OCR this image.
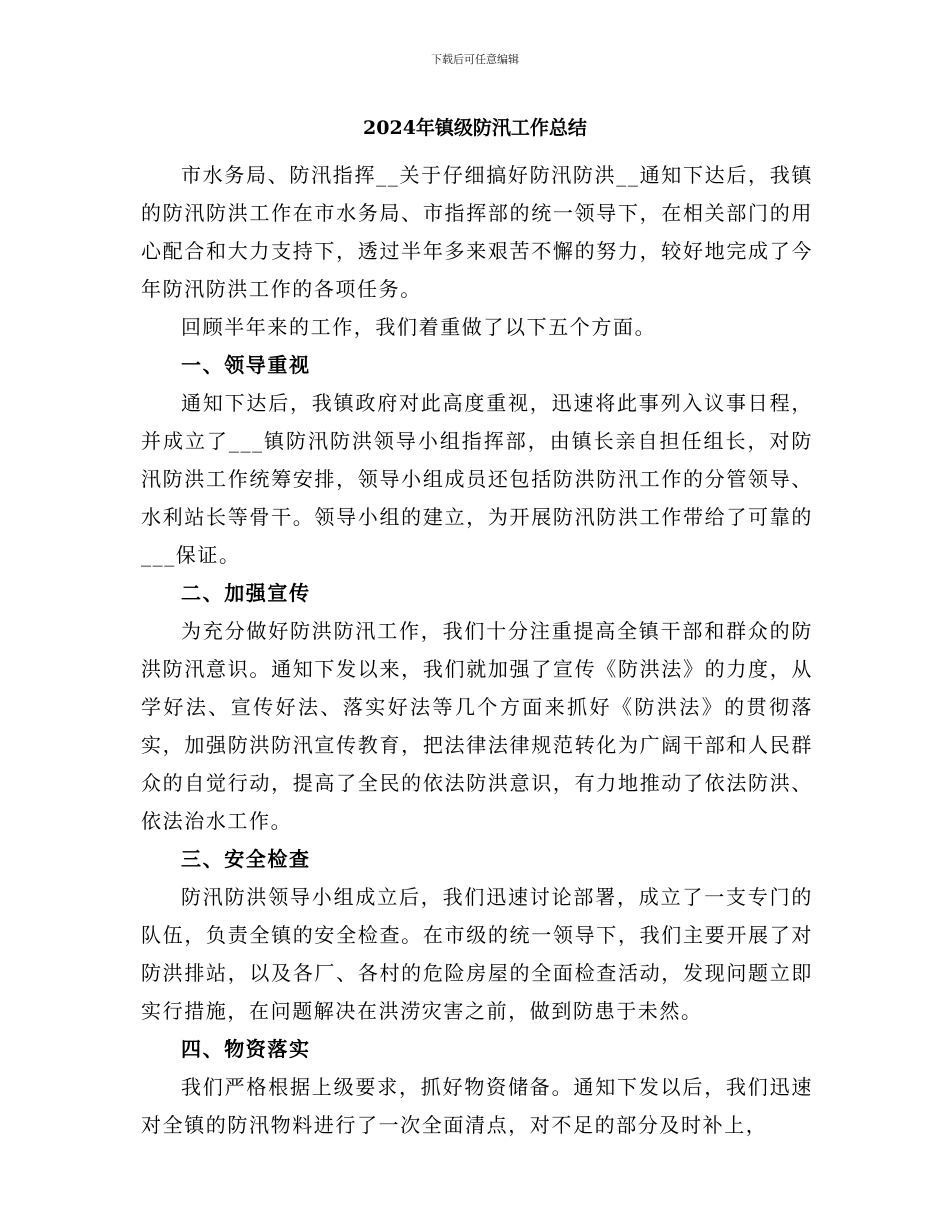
下载后可任意编辑
2024年镇级防汛工作总结

市水务局、防汛指挥__关于仔细搞好防汛防洪__通知下达后，我镇的防汛防洪工作在市水务局、市指挥部的统一领导下，在相关部门的用心配合和大力支持下，透过半年多来艰苦不懈的努力，较好地完成了今年防汛防洪工作的各项任务。

回顾半年来的工作，我们着重做了以下五个方面。

一、领导重视

通知下达后，我镇政府对此高度重视，迅速将此事列入议事日程，并成立了___镇防汛防洪领导小组指挥部，由镇长亲自担任组长，对防汛防洪工作统筹安排，领导小组成员还包括防洪防汛工作的分管领导、水利站长等骨干。领导小组的建立，为开展防汛防洪工作带给了可靠的___保证。

二、加强宣传

为充分做好防洪防汛工作，我们十分注重提高全镇干部和群众的防洪防汛意识。通知下发以来，我们就加强了宣传《防洪法》的力度，从学好法、宣传好法、落实好法等几个方面来抓好《防洪法》的贯彻落实，加强防洪防汛宣传教育，把法律法律规范转化为广阔干部和人民群众的自觉行动，提高了全民的依法防洪意识，有力地推动了依法防洪、依法治水工作。

三、安全检查

防汛防洪领导小组成立后，我们迅速讨论部署，成立了一支专门的队伍，负责全镇的安全检查。在市级的统一领导下，我们主要开展了对防洪排站，以及各厂、各村的危险房屋的全面检查活动，发现问题立即实行措施，在问题解决在洪涝灾害之前，做到防患于未然。

四、物资落实

我们严格根据上级要求，抓好物资储备。通知下发以后，我们迅速对全镇的防汛物料进行了一次全面清点，对不足的部分及时补上，
